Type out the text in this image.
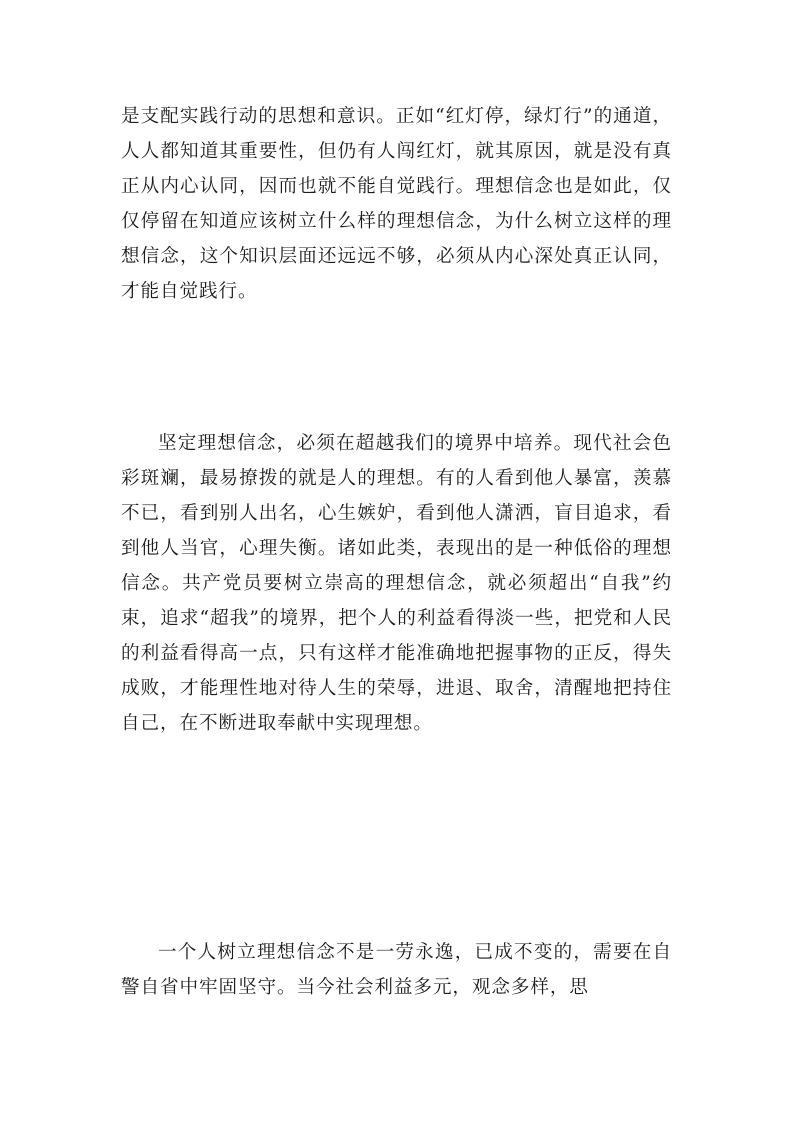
是支配实践行动的思想和意识。正如“红灯停，绿灯行”的通道，人人都知道其重要性，但仍有人闯红灯，就其原因，就是没有真正从内心认同，因而也就不能自觉践行。理想信念也是如此，仅仅停留在知道应该树立什么样的理想信念，为什么树立这样的理想信念，这个知识层面还远远不够，必须从内心深处真正认同，才能自觉践行。

坚定理想信念，必须在超越我们的境界中培养。现代社会色彩斑斓，最易撩拨的就是人的理想。有的人看到他人暴富，羡慕不已，看到别人出名，心生嫉妒，看到他人潇洒，盲目追求，看到他人当官，心理失衡。诸如此类，表现出的是一种低俗的理想信念。共产党员要树立崇高的理想信念，就必须超出“自我”约束，追求“超我”的境界，把个人的利益看得淡一些，把党和人民的利益看得高一点，只有这样才能准确地把握事物的正反，得失成败，才能理性地对待人生的荣辱，进退、取舍，清醒地把持住自己，在不断进取奉献中实现理想。

一个人树立理想信念不是一劳永逸，已成不变的，需要在自警自省中牢固坚守。当今社会利益多元，观念多样，思
